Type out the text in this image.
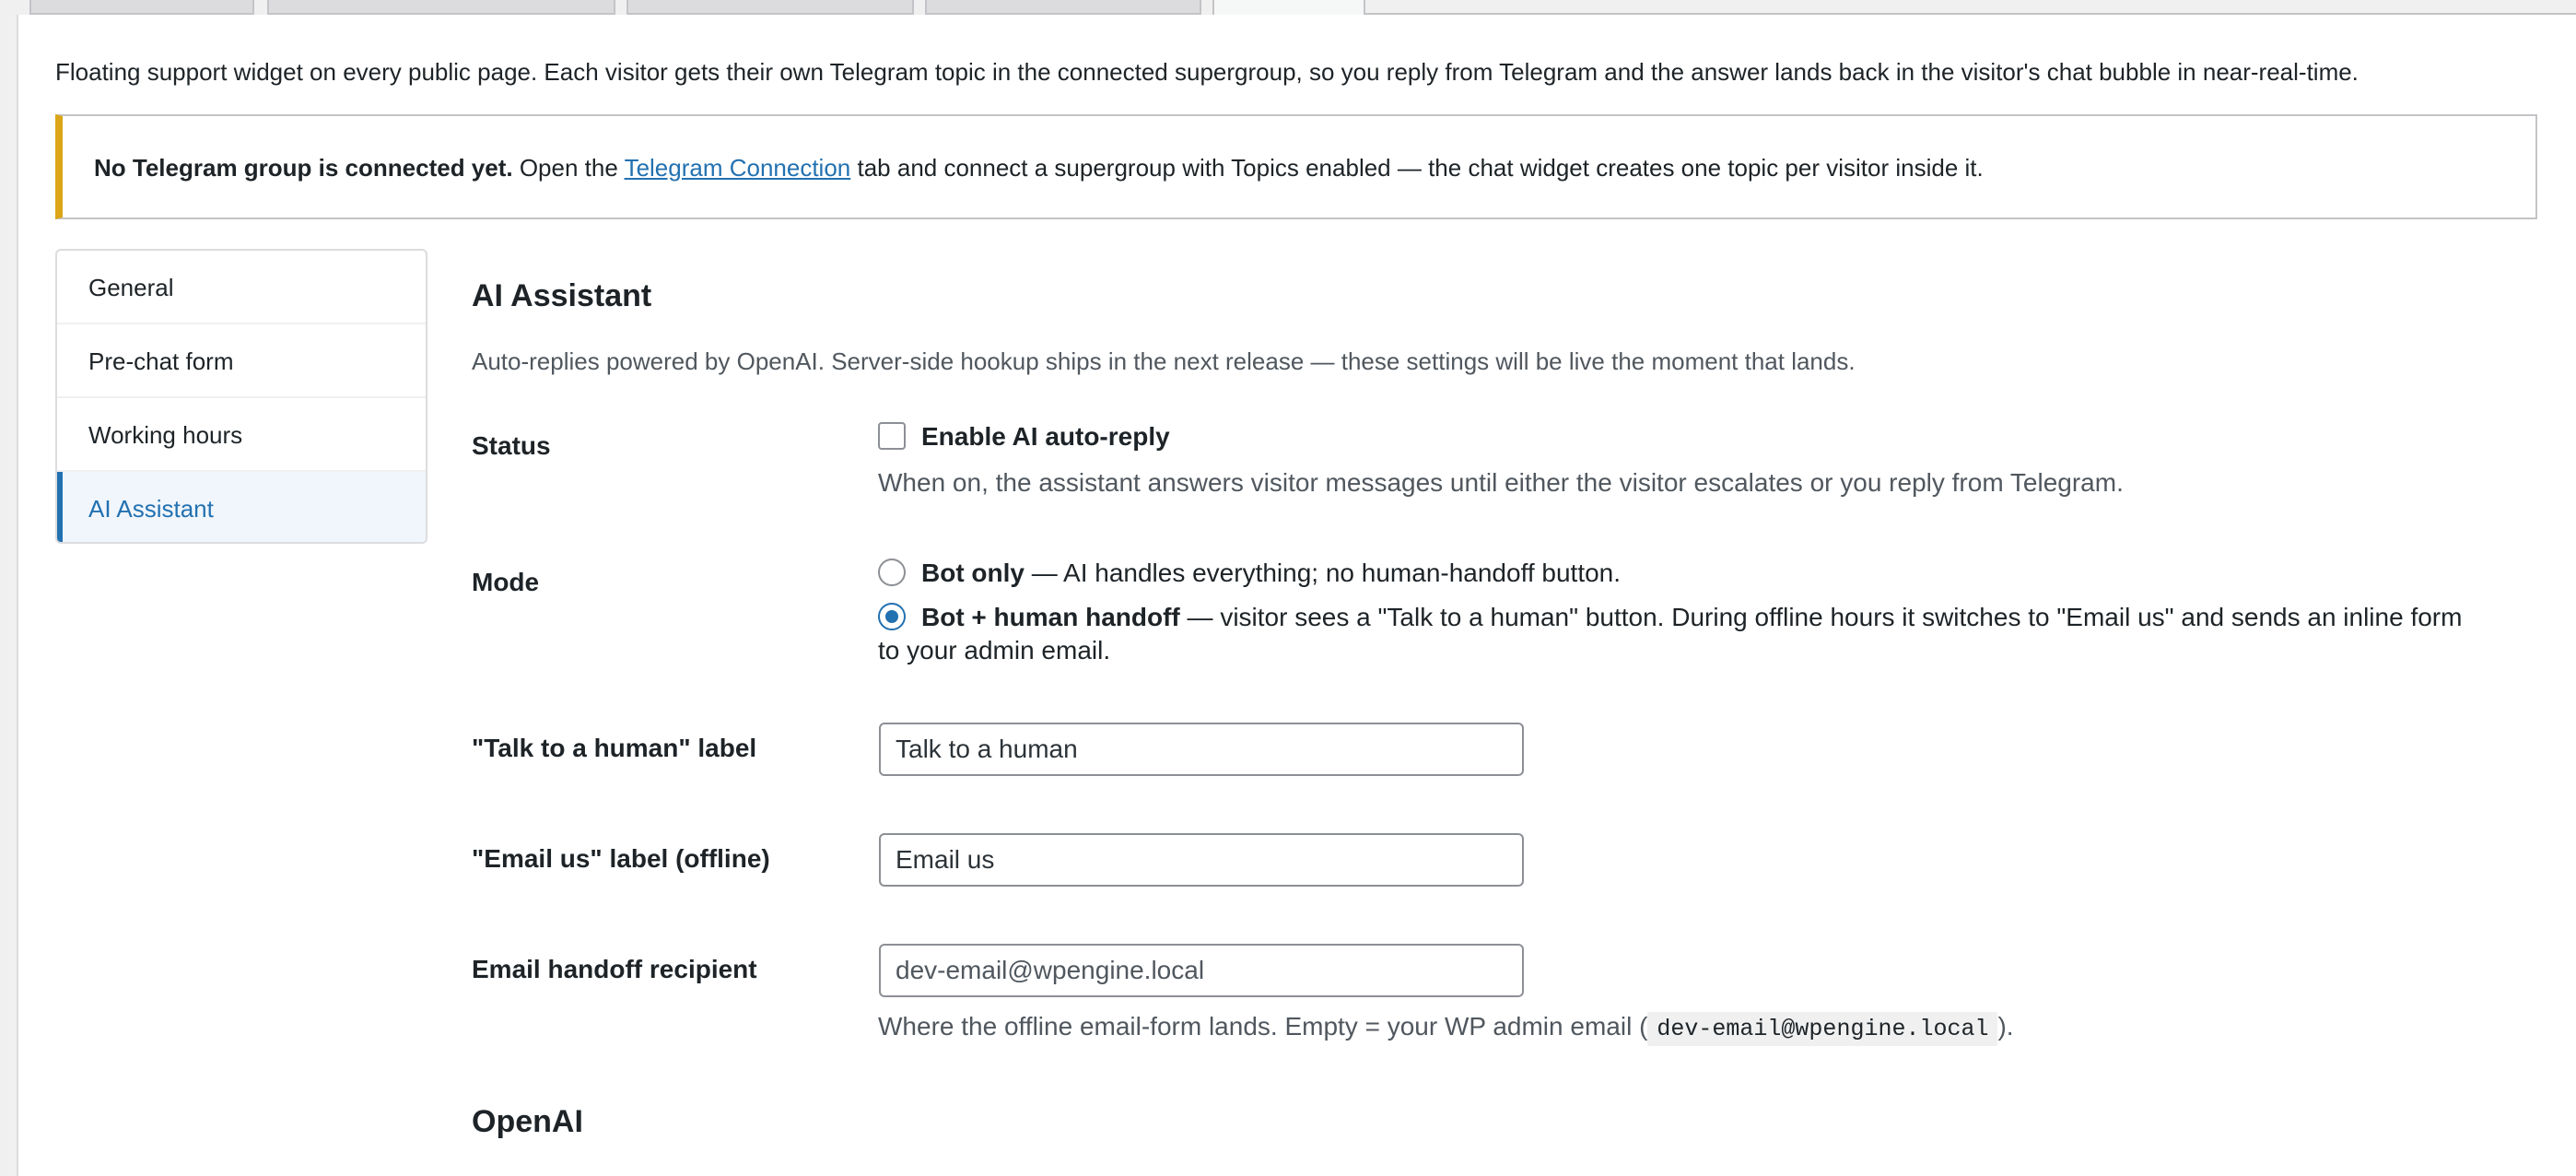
Floating support widget on every public page. Each visitor gets their own Telegram topic in the connected supergroup, so you reply from Telegram and the answer lands back in the visitor's chat bubble in near-real-time.
No Telegram group is connected yet. Open the Telegram Connection tab and connect a supergroup with Topics enabled — the chat widget creates one topic per visitor inside it.
General
Pre-chat form
Working hours
AI Assistant
AI Assistant
Auto-replies powered by OpenAI. Server-side hookup ships in the next release — these settings will be live the moment that lands.
Status	Enable AI auto-reply
When on, the assistant answers visitor messages until either the visitor escalates or you reply from Telegram.
Mode	Bot only — AI handles everything; no human-handoff button.
Bot + human handoff — visitor sees a "Talk to a human" button. During offline hours it switches to "Email us" and sends an inline form
to your admin email.
"Talk to a human" label
Talk to a human
"Email us" label (offline)
Email us
Email handoff recipient
dev-email@wpengine.local
Where the offline email-form lands. Empty = your WP admin email ( dev-email@wpengine.local ).
OpenAI
